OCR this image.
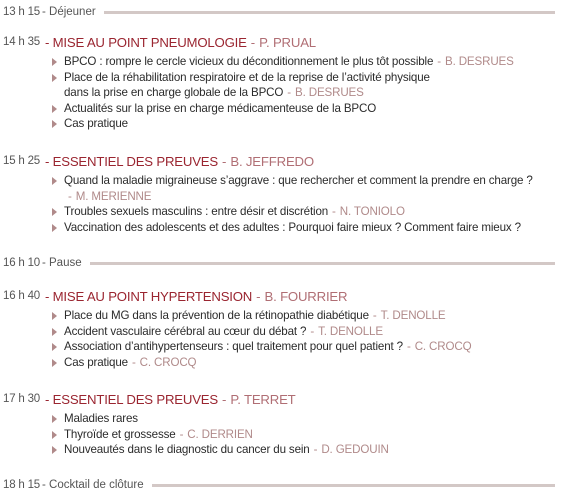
13 h 15 - Déjeuner
14 h 35 - MISE AU POINT PNEUMOLOGIE - P. PRUAL
BPCO : rompre le cercle vicieux du déconditionnement le plus tôt possible - B. DESRUES
Place de la réhabilitation respiratoire et de la reprise de l’activité physique dans la prise en charge globale de la BPCO - B. DESRUES
Actualités sur la prise en charge médicamenteuse de la BPCO
Cas pratique
15 h 25 - ESSENTIEL DES PREUVES - B. JEFFREDO
Quand la maladie migraineuse s’aggrave : que rechercher et comment la prendre en charge ?- M. MERIENNE
Troubles sexuels masculins : entre désir et discrétion - N. TONIOLO
Vaccination des adolescents et des adultes : Pourquoi faire mieux ? Comment faire mieux ?
16 h 10 - Pause
16 h 40 - MISE AU POINT HYPERTENSION - B. FOURRIER
Place du MG dans la prévention de la rétinopathie diabétique - T. DENOLLE
Accident vasculaire cérébral au cœur du débat ? - T. DENOLLE
Association d’antihypertenseurs : quel traitement pour quel patient ? - C. CROCQ
Cas pratique - C. CROCQ
17 h 30 - ESSENTIEL DES PREUVES - P. TERRET
Maladies rares
Thyroïde et grossesse - C. DERRIEN
Nouveautés dans le diagnostic du cancer du sein - D. GEDOUIN
18 h 15 - Cocktail de clôture
